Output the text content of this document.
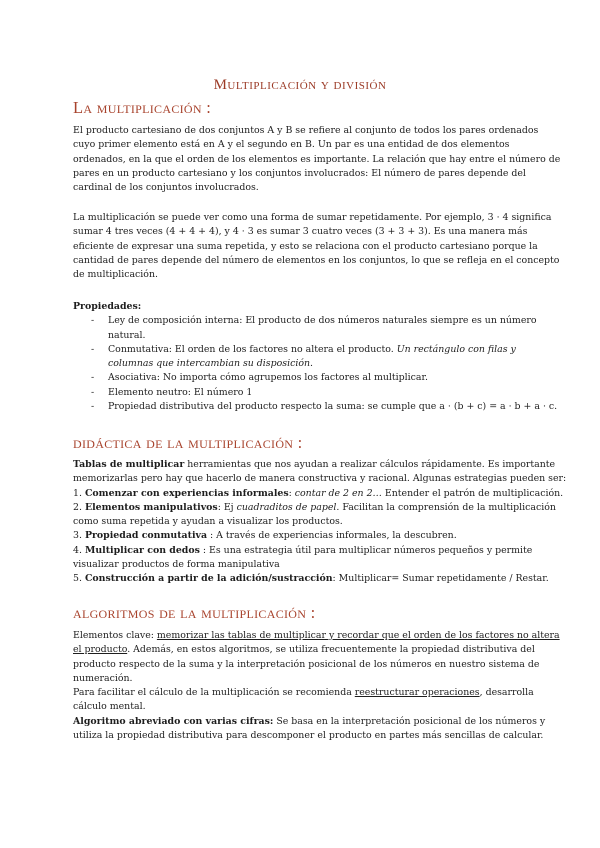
Multiplicación y división
La multiplicación :
El producto cartesiano de dos conjuntos A y B se refiere al conjunto de todos los pares ordenados
cuyo primer elemento está en A y el segundo en B. Un par es una entidad de dos elementos
ordenados, en la que el orden de los elementos es importante. La relación que hay entre el número de
pares en un producto cartesiano y los conjuntos involucrados: El número de pares depende del
cardinal de los conjuntos involucrados.
La multiplicación se puede ver como una forma de sumar repetidamente. Por ejemplo, 3 · 4 significa
sumar 4 tres veces (4 + 4 + 4), y 4 · 3 es sumar 3 cuatro veces (3 + 3 + 3). Es una manera más
eficiente de expresar una suma repetida, y esto se relaciona con el producto cartesiano porque la
cantidad de pares depende del número de elementos en los conjuntos, lo que se refleja en el concepto
de multiplicación.
Propiedades:
- Ley de composición interna: El producto de dos números naturales siempre es un número
natural.
- Conmutativa: El orden de los factores no altera el producto. Un rectángulo con filas y
columnas que intercambian su disposición.
- Asociativa: No importa cómo agrupemos los factores al multiplicar.
- Elemento neutro: El número 1
- Propiedad distributiva del producto respecto la suma: se cumple que a · (b + c) = a · b + a · c.
didáctica de la multiplicación :
Tablas de multiplicar herramientas que nos ayudan a realizar cálculos rápidamente. Es importante
memorizarlas pero hay que hacerlo de manera constructiva y racional. Algunas estrategias pueden ser:
1. Comenzar con experiencias informales: contar de 2 en 2… Entender el patrón de multiplicación.
2. Elementos manipulativos: Ej cuadraditos de papel. Facilitan la comprensión de la multiplicación
como suma repetida y ayudan a visualizar los productos.
3. Propiedad conmutativa : A través de experiencias informales, la descubren.
4. Multiplicar con dedos : Es una estrategia útil para multiplicar números pequeños y permite
visualizar productos de forma manipulativa
5. Construcción a partir de la adición/sustracción: Multiplicar= Sumar repetidamente / Restar.
algoritmos de la multiplicación :
Elementos clave: memorizar las tablas de multiplicar y recordar que el orden de los factores no altera
el producto. Además, en estos algoritmos, se utiliza frecuentemente la propiedad distributiva del
producto respecto de la suma y la interpretación posicional de los números en nuestro sistema de
numeración.
Para facilitar el cálculo de la multiplicación se recomienda reestructurar operaciones, desarrolla
cálculo mental.
Algoritmo abreviado con varias cifras: Se basa en la interpretación posicional de los números y
utiliza la propiedad distributiva para descomponer el producto en partes más sencillas de calcular.
